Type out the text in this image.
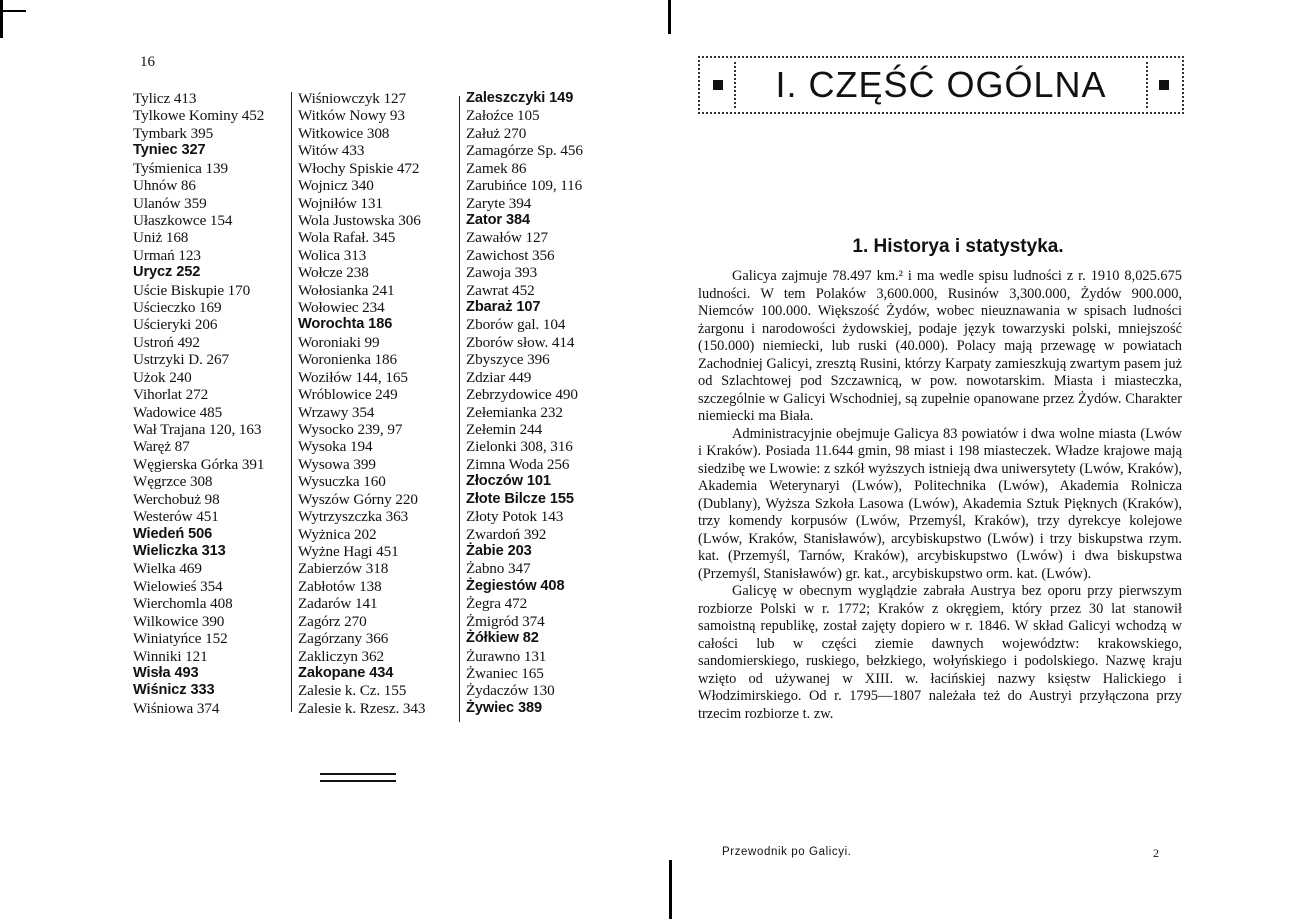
16
Tylicz 413
Tylkowe Kominy 452
Tymbark 395
Tyniec 327
Tyśmienica 139
Uhnów 86
Ulanów 359
Ułaszkowce 154
Uniż 168
Urmań 123
Urycz 252
Uście Biskupie 170
Uścieczko 169
Uścieryki 206
Ustroń 492
Ustrzyki D. 267
Użok 240
Vihorlat 272
Wadowice 485
Wał Trajana 120, 163
Waręż 87
Węgierska Górka 391
Węgrzce 308
Werchobuż 98
Westerów 451
Wiedeń 506
Wieliczka 313
Wielka 469
Wielowieś 354
Wierchomla 408
Wilkowice 390
Winiatyńce 152
Winniki 121
Wisła 493
Wiśnicz 333
Wiśniowa 374
Wiśniowczyk 127
Witków Nowy 93
Witkowice 308
Witów 433
Włochy Spiskie 472
Wojnicz 340
Wojniłów 131
Wola Justowska 306
Wola Rafał. 345
Wolica 313
Wołcze 238
Wołosianka 241
Wołowiec 234
Worochta 186
Woroniaki 99
Woronienka 186
Woziłów 144, 165
Wróblowice 249
Wrzawy 354
Wysocko 239, 97
Wysoka 194
Wysowa 399
Wysuczka 160
Wyszów Górny 220
Wytrzyszczka 363
Wyżnica 202
Wyżne Hagi 451
Zabierzów 318
Zabłotów 138
Zadarów 141
Zagórz 270
Zagórzany 366
Zakliczyn 362
Zakopane 434
Zalesie k. Cz. 155
Zalesie k. Rzesz. 343
Zaleszczyki 149
Załoźce 105
Załuż 270
Zamagórze Sp. 456
Zamek 86
Zarubińce 109, 116
Zaryte 394
Zator 384
Zawałów 127
Zawichost 356
Zawoja 393
Zawrat 452
Zbaraż 107
Zborów gal. 104
Zborów słow. 414
Zbyszyce 396
Zdziar 449
Zebrzydowice 490
Zełemianka 232
Zełemin 244
Zielonki 308, 316
Zimna Woda 256
Złoczów 101
Złote Bilcze 155
Złoty Potok 143
Zwardoń 392
Żabie 203
Żabno 347
Żegiestów 408
Żegra 472
Żmigród 374
Żółkiew 82
Żurawno 131
Żwaniec 165
Żydaczów 130
Żywiec 389
I. CZĘŚĆ OGÓLNA
1. Historya i statystyka.

Galicya zajmuje 78.497 km.² i ma wedle spisu ludności z r. 1910 8,025.675 ludności. W tem Polaków 3,600.000, Rusinów 3,300.000, Żydów 900.000, Niemców 100.000. Większość Żydów, wobec nieuznawania w spisach ludności żargonu i narodowości żydowskiej, podaje język towarzyski polski, mniejszość (150.000) niemiecki, lub ruski (40.000). Polacy mają przewagę w powiatach Zachodniej Galicyi, zresztą Rusini, którzy Karpaty zamieszkują zwartym pasem już od Szlachtowej pod Szczawnicą, w pow. nowotarskim. Miasta i miasteczka, szczególnie w Galicyi Wschodniej, są zupełnie opanowane przez Żydów. Charakter niemiecki ma Biała.

Administracyjnie obejmuje Galicya 83 powiatów i dwa wolne miasta (Lwów i Kraków). Posiada 11.644 gmin, 98 miast i 198 miasteczek. Władze krajowe mają siedzibę we Lwowie: z szkół wyższych istnieją dwa uniwersytety (Lwów, Kraków), Akademia Weterynaryi (Lwów), Politechnika (Lwów), Akademia Rolnicza (Dublany), Wyższa Szkoła Lasowa (Lwów), Akademia Sztuk Pięknych (Kraków), trzy komendy korpusów (Lwów, Przemyśl, Kraków), trzy dyrekcye kolejowe (Lwów, Kraków, Stanisławów), arcybiskupstwo (Lwów) i trzy biskupstwa rzym. kat. (Przemyśl, Tarnów, Kraków), arcybiskupstwo (Lwów) i dwa biskupstwa (Przemyśl, Stanisławów) gr. kat., arcybiskupstwo orm. kat. (Lwów).

Galicyę w obecnym wyglądzie zabrała Austrya bez oporu przy pierwszym rozbiorze Polski w r. 1772; Kraków z okręgiem, który przez 30 lat stanowił samoistną republikę, został zajęty dopiero w r. 1846. W skład Galicyi wchodzą w całości lub w części ziemie dawnych województw: krakowskiego, sandomierskiego, ruskiego, bełzkiego, wołyńskiego i podolskiego. Nazwę kraju wzięto od używanej w XIII. w. łacińskiej nazwy księstw Halickiego i Włodzimirskiego. Od r. 1795—1807 należała też do Austryi przyłączona przy trzecim rozbiorze t. zw.

Przewodnik po Galicyi.	2
